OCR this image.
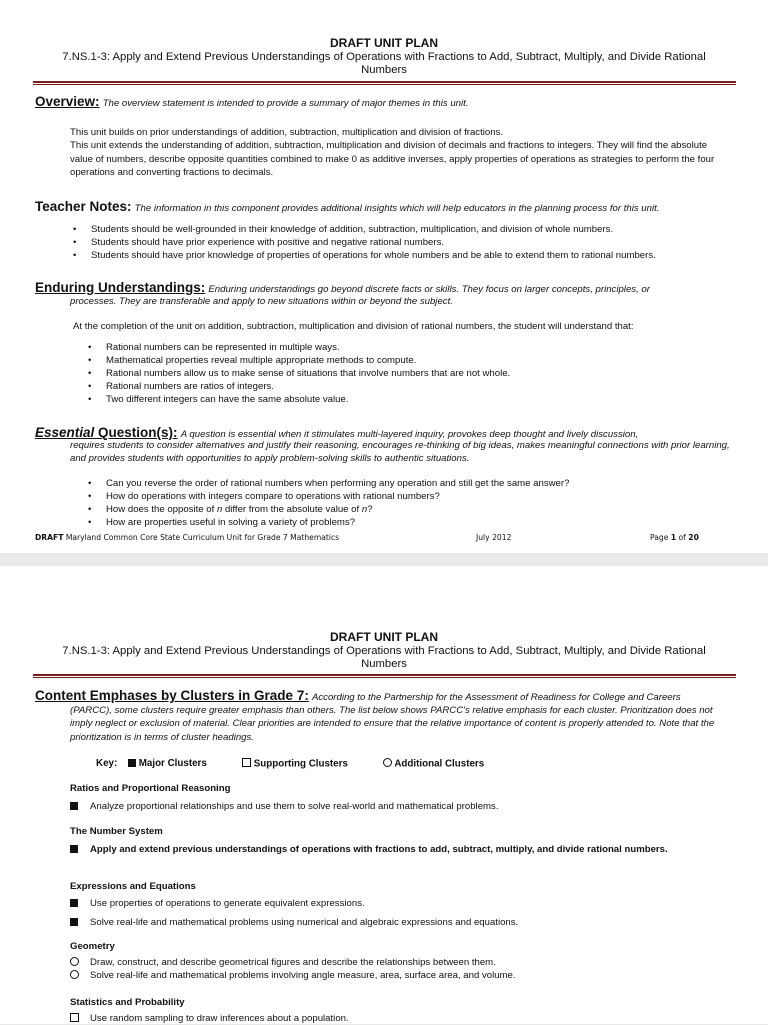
DRAFT UNIT PLAN
7.NS.1-3: Apply and Extend Previous Understandings of Operations with Fractions to Add, Subtract, Multiply, and Divide Rational Numbers
Overview: The overview statement is intended to provide a summary of major themes in this unit.
This unit builds on prior understandings of addition, subtraction, multiplication and division of fractions.
This unit extends the understanding of addition, subtraction, multiplication and division of decimals and fractions to integers. They will find the absolute value of numbers, describe opposite quantities combined to make 0 as additive inverses, apply properties of operations as strategies to perform the four operations and converting fractions to decimals.
Teacher Notes: The information in this component provides additional insights which will help educators in the planning process for this unit.
• Students should be well-grounded in their knowledge of addition, subtraction, multiplication, and division of whole numbers.
• Students should have prior experience with positive and negative rational numbers.
• Students should have prior knowledge of properties of operations for whole numbers and be able to extend them to rational numbers.
Enduring Understandings: Enduring understandings go beyond discrete facts or skills. They focus on larger concepts, principles, or
processes. They are transferable and apply to new situations within or beyond the subject.
At the completion of the unit on addition, subtraction, multiplication and division of rational numbers, the student will understand that:
• Rational numbers can be represented in multiple ways.
• Mathematical properties reveal multiple appropriate methods to compute.
• Rational numbers allow us to make sense of situations that involve numbers that are not whole.
• Rational numbers are ratios of integers.
• Two different integers can have the same absolute value.
Essential Question(s): A question is essential when it stimulates multi-layered inquiry, provokes deep thought and lively discussion,
requires students to consider alternatives and justify their reasoning, encourages re-thinking of big ideas, makes meaningful connections with prior learning, and provides students with opportunities to apply problem-solving skills to authentic situations.
• Can you reverse the order of rational numbers when performing any operation and still get the same answer?
• How do operations with integers compare to operations with rational numbers?
• How does the opposite of n differ from the absolute value of n?
• How are properties useful in solving a variety of problems?
DRAFT Maryland Common Core State Curriculum Unit for Grade 7 Mathematics	July 2012	Page 1 of 20
DRAFT UNIT PLAN
7.NS.1-3: Apply and Extend Previous Understandings of Operations with Fractions to Add, Subtract, Multiply, and Divide Rational Numbers
Content Emphases by Clusters in Grade 7: According to the Partnership for the Assessment of Readiness for College and Careers
(PARCC), some clusters require greater emphasis than others. The list below shows PARCC's relative emphasis for each cluster. Prioritization does not imply neglect or exclusion of material. Clear priorities are intended to ensure that the relative importance of content is properly attended to. Note that the prioritization is in terms of cluster headings.
Key:	Major Clusters	Supporting Clusters	Additional Clusters
Ratios and Proportional Reasoning
Analyze proportional relationships and use them to solve real-world and mathematical problems.
The Number System
Apply and extend previous understandings of operations with fractions to add, subtract, multiply, and divide rational numbers.
Expressions and Equations
Use properties of operations to generate equivalent expressions.
Solve real-life and mathematical problems using numerical and algebraic expressions and equations.
Geometry
Draw, construct, and describe geometrical figures and describe the relationships between them.
Solve real-life and mathematical problems involving angle measure, area, surface area, and volume.
Statistics and Probability
Use random sampling to draw inferences about a population.
